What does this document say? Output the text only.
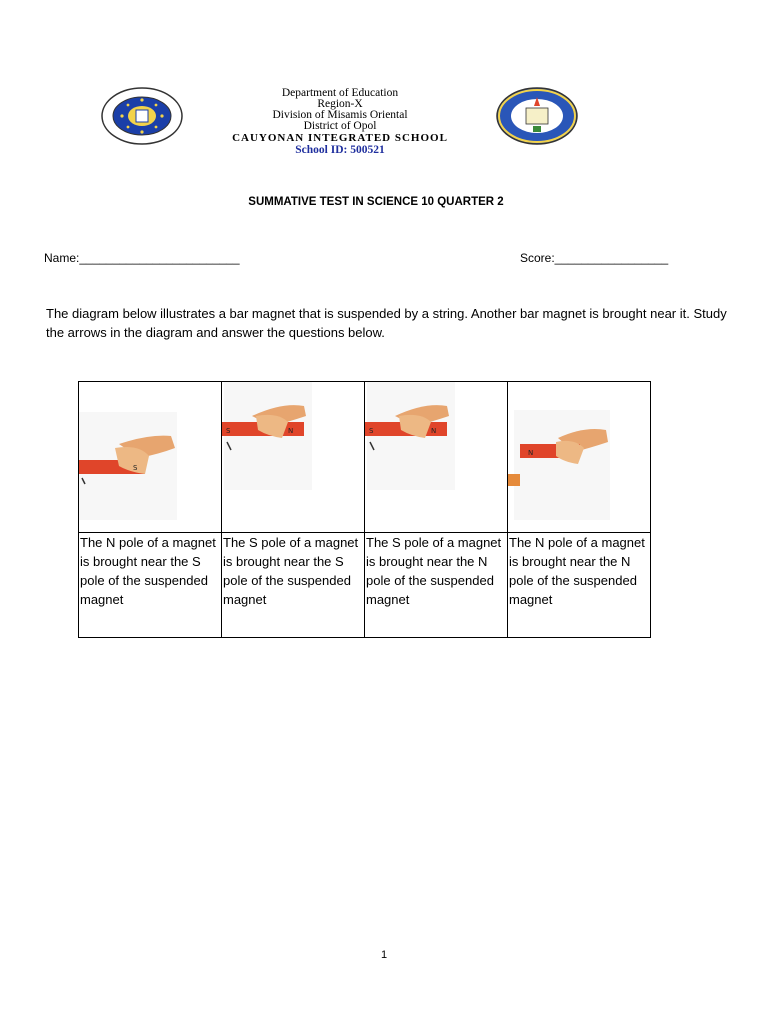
Department of Education
Region-X
Division of Misamis Oriental
District of Opol
CAUYONAN INTEGRATED SCHOOL
School ID: 500521
SUMMATIVE TEST IN SCIENCE 10 QUARTER 2
Name:________________________	Score:_________________
The diagram below illustrates a bar magnet that is suspended by a string. Another bar magnet is brought near it. Study the arrows in the diagram and answer the questions below.
S	S N	S N	N

The N pole of a magnet is brought near the S pole of the suspended magnet	The S pole of a magnet is brought near the S pole of the suspended magnet	The S pole of a magnet is brought near the N pole of the suspended magnet	The N pole of a magnet is brought near the N pole of the suspended magnet
1
